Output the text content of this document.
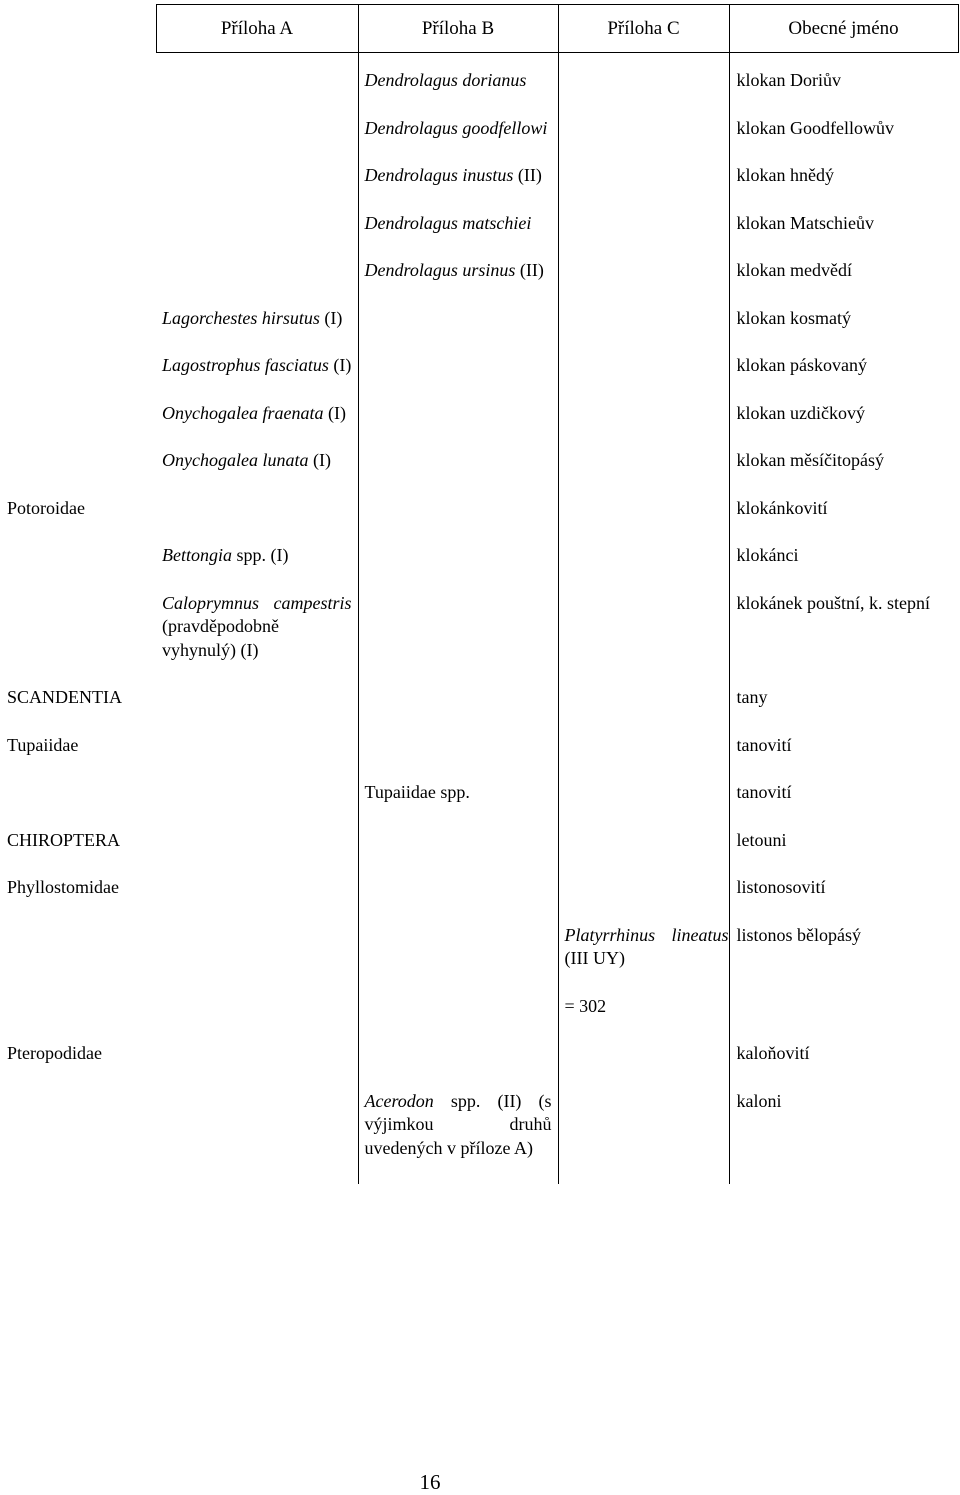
	Příloha A	Příloha B	Příloha C	Obecné jméno

		Dendrolagus dorianus		klokan Doriův

		Dendrolagus goodfellowi		klokan Goodfellowův

		Dendrolagus inustus (II)		klokan hnědý

		Dendrolagus matschiei		klokan Matschieův

		Dendrolagus ursinus (II)		klokan medvědí

	Lagorchestes hirsutus (I)			klokan kosmatý

	Lagostrophus fasciatus (I)			klokan páskovaný

	Onychogalea fraenata (I)			klokan uzdičkový

	Onychogalea lunata (I)			klokan měsíčitopásý

Potoroidae				klokánkovití

	Bettongia spp. (I)			klokánci

	Caloprymnus campestris (pravděpodobně vyhynulý) (I)			klokánek pouštní, k. stepní

SCANDENTIA				tany

Tupaiidae				tanovití

		Tupaiidae spp.		tanovití

CHIROPTERA				letouni

Phyllostomidae				listonosovití

			Platyrrhinus lineatus (III UY)	listonos bělopásý

			= 302	

Pteropodidae				kaloňovití

		Acerodon spp. (II) (s výjimkou druhů uvedených v příloze A)		kaloni
16
